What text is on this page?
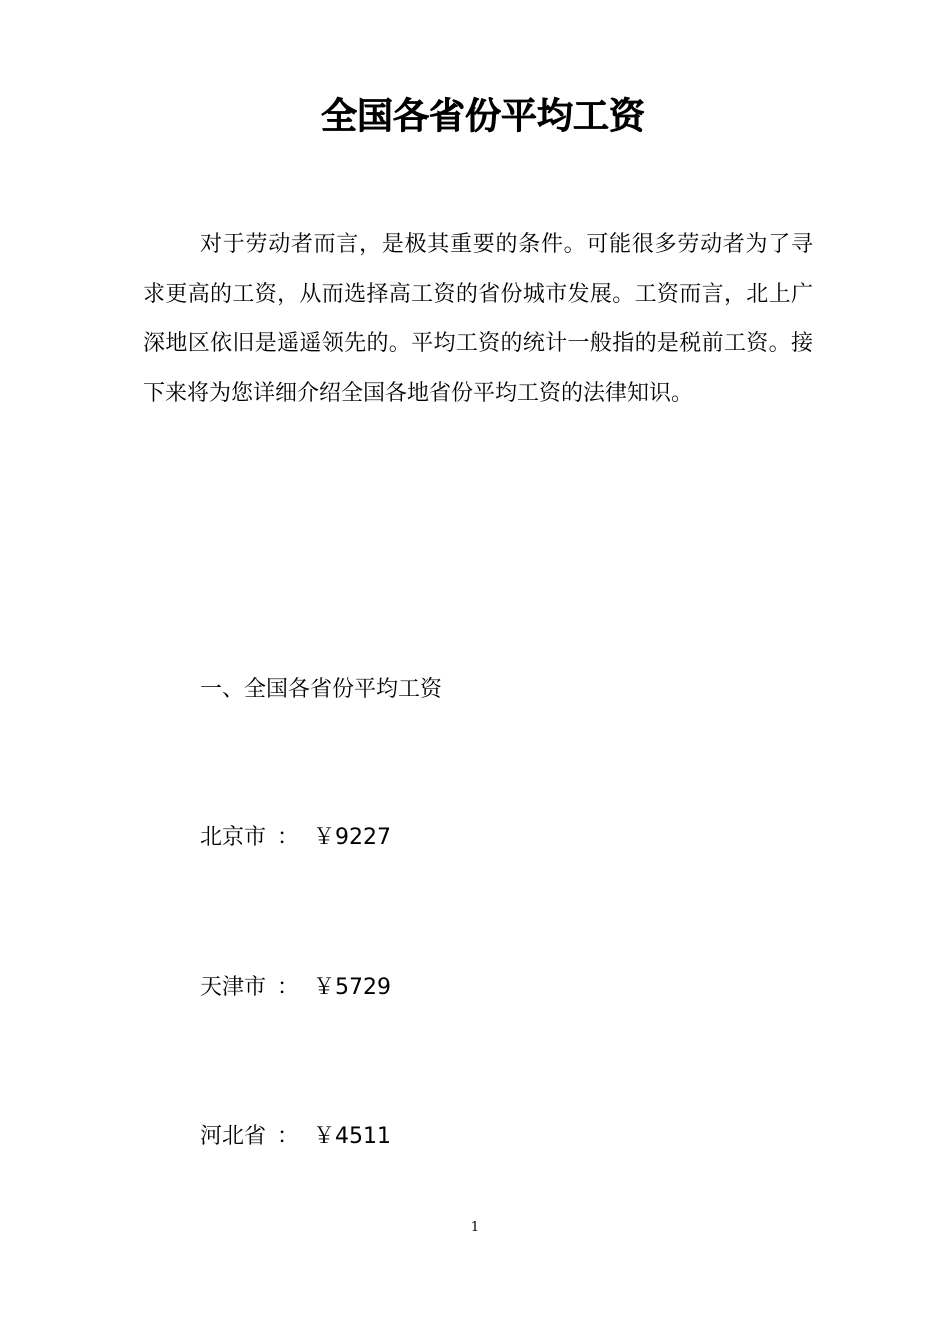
全国各省份平均工资

对于劳动者而言，是极其重要的条件。可能很多劳动者为了寻求更高的工资，从而选择高工资的省份城市发展。工资而言，北上广深地区依旧是遥遥领先的。平均工资的统计一般指的是税前工资。接下来将为您详细介绍全国各地省份平均工资的法律知识。

一、全国各省份平均工资
北京市 ： ￥9227
天津市 ： ￥5729
河北省 ： ￥4511
1
